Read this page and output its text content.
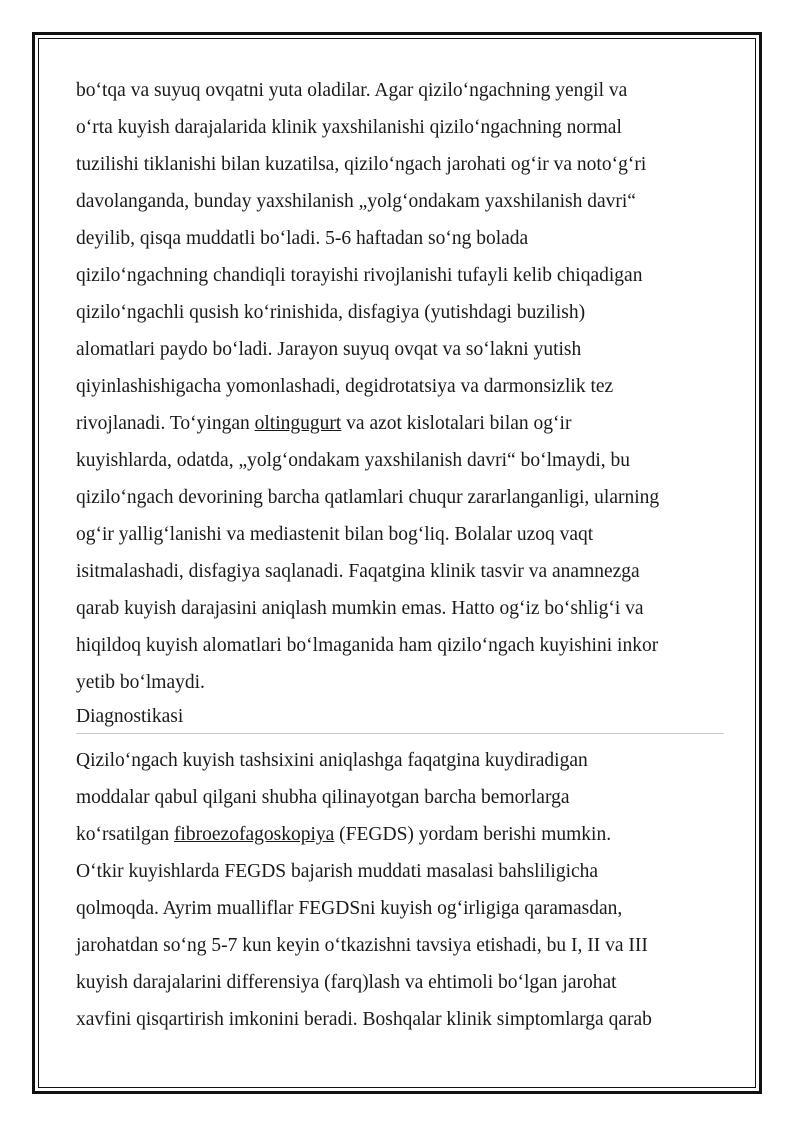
bo‘tqa va suyuq ovqatni yuta oladilar. Agar qizilo‘ngachning yengil va
o‘rta kuyish darajalarida klinik yaxshilanishi qizilo‘ngachning normal
tuzilishi tiklanishi bilan kuzatilsa, qizilo‘ngach jarohati og‘ir va noto‘g‘ri
davolanganda, bunday yaxshilanish „yolg‘ondakam yaxshilanish davri“
deyilib, qisqa muddatli bo‘ladi. 5-6 haftadan so‘ng bolada
qizilo‘ngachning chandiqli torayishi rivojlanishi tufayli kelib chiqadigan
qizilo‘ngachli qusish ko‘rinishida, disfagiya (yutishdagi buzilish)
alomatlari paydo bo‘ladi. Jarayon suyuq ovqat va so‘lakni yutish
qiyinlashishigacha yomonlashadi, degidrotatsiya va darmonsizlik tez
rivojlanadi. To‘yingan oltingugurt va azot kislotalari bilan og‘ir
kuyishlarda, odatda, „yolg‘ondakam yaxshilanish davri“ bo‘lmaydi, bu
qizilo‘ngach devorining barcha qatlamlari chuqur zararlanganligi, ularning
og‘ir yallig‘lanishi va mediastenit bilan bog‘liq. Bolalar uzoq vaqt
isitmalashadi, disfagiya saqlanadi. Faqatgina klinik tasvir va anamnezga
qarab kuyish darajasini aniqlash mumkin emas. Hatto og‘iz bo‘shlig‘i va
hiqildoq kuyish alomatlari bo‘lmaganida ham qizilo‘ngach kuyishini inkor
yetib bo‘lmaydi.
Diagnostikasi
Qizilo‘ngach kuyish tashsixini aniqlashga faqatgina kuydiradigan
moddalar qabul qilgani shubha qilinayotgan barcha bemorlarga
ko‘rsatilgan fibroezofagoskopiya (FEGDS) yordam berishi mumkin.
O‘tkir kuyishlarda FEGDS bajarish muddati masalasi bahsliligicha
qolmoqda. Ayrim mualliflar FEGDSni kuyish og‘irligiga qaramasdan,
jarohatdan so‘ng 5-7 kun keyin o‘tkazishni tavsiya etishadi, bu I, II va III
kuyish darajalarini differensiya (farq)lash va ehtimoli bo‘lgan jarohat
xavfini qisqartirish imkonini beradi. Boshqalar klinik simptomlarga qarab
